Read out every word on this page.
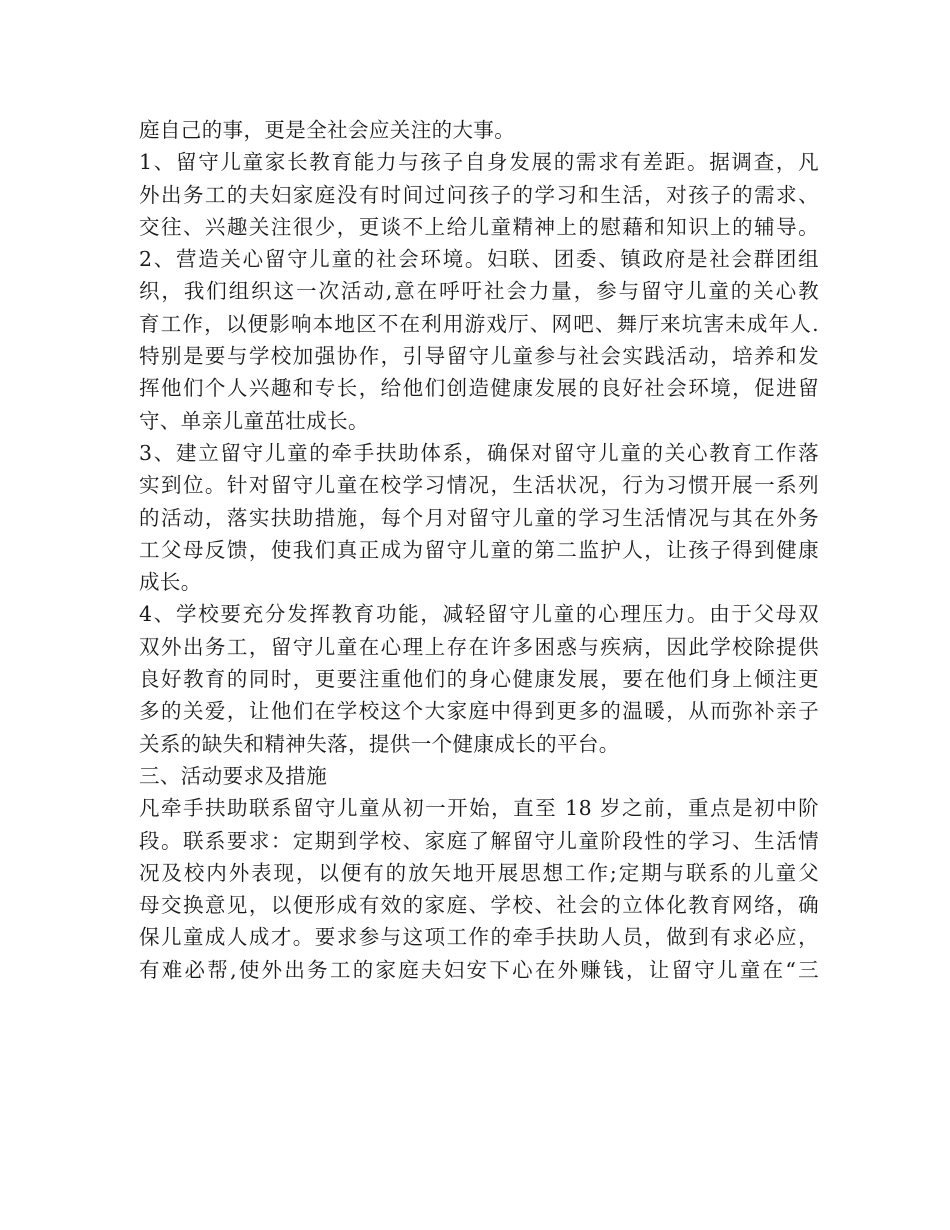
庭自己的事，更是全社会应关注的大事。
1、留守儿童家长教育能力与孩子自身发展的需求有差距。据调查，凡
外出务工的夫妇家庭没有时间过问孩子的学习和生活，对孩子的需求、
交往、兴趣关注很少，更谈不上给儿童精神上的慰藉和知识上的辅导。
2、营造关心留守儿童的社会环境。妇联、团委、镇政府是社会群团组
织，我们组织这一次活动,意在呼吁社会力量，参与留守儿童的关心教
育工作，以便影响本地区不在利用游戏厅、网吧、舞厅来坑害未成年人.
特别是要与学校加强协作，引导留守儿童参与社会实践活动，培养和发
挥他们个人兴趣和专长，给他们创造健康发展的良好社会环境，促进留
守、单亲儿童茁壮成长。
3、建立留守儿童的牵手扶助体系，确保对留守儿童的关心教育工作落
实到位。针对留守儿童在校学习情况，生活状况，行为习惯开展一系列
的活动，落实扶助措施，每个月对留守儿童的学习生活情况与其在外务
工父母反馈，使我们真正成为留守儿童的第二监护人，让孩子得到健康
成长。
4、学校要充分发挥教育功能，减轻留守儿童的心理压力。由于父母双
双外出务工，留守儿童在心理上存在许多困惑与疾病，因此学校除提供
良好教育的同时，更要注重他们的身心健康发展，要在他们身上倾注更
多的关爱，让他们在学校这个大家庭中得到更多的温暖，从而弥补亲子
关系的缺失和精神失落，提供一个健康成长的平台。
三、活动要求及措施
凡牵手扶助联系留守儿童从初一开始，直至 18 岁之前，重点是初中阶
段。联系要求：定期到学校、家庭了解留守儿童阶段性的学习、生活情
况及校内外表现，以便有的放矢地开展思想工作;定期与联系的儿童父
母交换意见，以便形成有效的家庭、学校、社会的立体化教育网络，确
保儿童成人成才。要求参与这项工作的牵手扶助人员，做到有求必应，
有难必帮,使外出务工的家庭夫妇安下心在外赚钱，让留守儿童在“三
